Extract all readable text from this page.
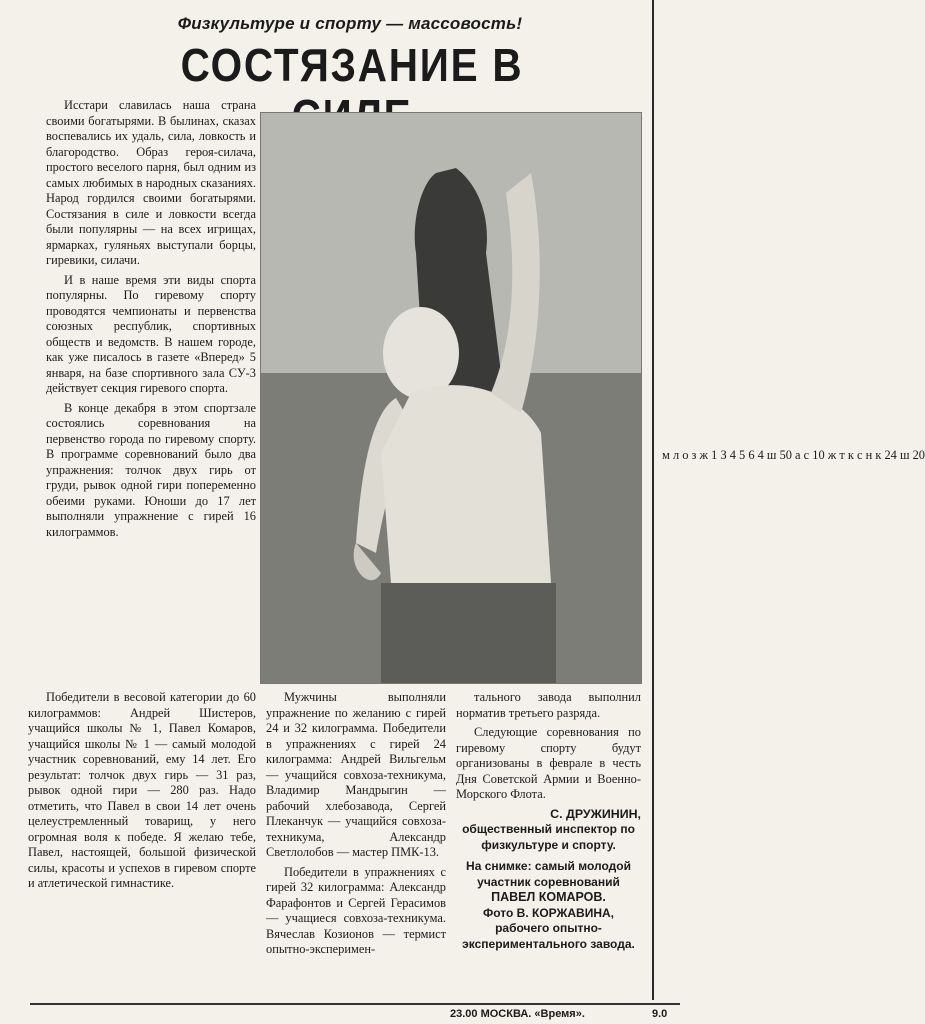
Физкультуре и спорту — массовость!
СОСТЯЗАНИЕ В

Исстари славилась наша страна своими богатырями. В былинах, сказах воспевались их удаль, сила, ловкость и благородство. Образ героя-силача, простого веселого парня, был одним из самых любимых в народных сказаниях. Народ гордился своими богатырями. Состязания в силе и ловкости всегда были популярны — на всех игрищах, ярмарках, гуляньях выступали борцы, гиревики, силачи.

И в наше время эти виды спорта популярны. По гиревому спорту проводятся чемпионаты и первенства союзных республик, спортивных обществ и ведомств. В нашем городе, как уже писалось в газете «Вперед» 5 января, на базе спортивного зала СУ-3 действует секция гиревого спорта.

В конце декабря в этом спортзале состоялись соревнования на первенство города по гиревому спорту. В программе соревнований было два упражнения: толчок двух гирь от груди, рывок одной гири попеременно обеими руками. Юноши до 17 лет выполняли упражнение с гирей 16 килограммов.

Победители в весовой категории до 60 килограммов: Андрей Шистеров, учащийся школы № 1, Павел Комаров, учащийся школы № 1 — самый молодой участник соревнований, ему 14 лет. Его результат: толчок двух гирь — 31 раз, рывок одной гири — 280 раз. Надо отметить, что Павел в свои 14 лет очень целеустремленный товарищ, у него огромная воля к победе. Я желаю тебе, Павел, настоящей, большой физической силы, красоты и успехов в гиревом спорте и атлетической гимнастике.

Мужчины выполняли упражнение по желанию с гирей 24 и 32 килограмма. Победители в упражнениях с гирей 24 килограмма: Андрей Вильгельм — учащийся совхоза-техникума, Владимир Мандрыгин — рабочий хлебозавода, Сергей Плеканчук — учащийся совхоза-техникума, Александр Светлолобов — мастер ПМК-13.

Победители в упражнениях с гирей 32 килограмма: Александр Фарафонтов и Сергей Герасимов — учащиеся совхоза-техникума. Вячеслав Козионов — термист опытно-эксперимен-

тального завода выполнил норматив третьего разряда.

Следующие соревнования по гиревому спорту будут организованы в феврале в честь Дня Советской Армии и Военно-Морского Флота.

С. ДРУЖИНИН,
общественный инспектор по физкультуре и спорту.
На снимке: самый молодой участник соревнований
ПАВЕЛ КОМАРОВ.
Фото В. КОРЖАВИНА,
рабочего опытно-экспериментального завода.
м л о з ж 1 З 4 5 6 4 ш 50 а с 10 ж т к с н к 24 ш 20
23.00 МОСКВА. «Время».	9.0
